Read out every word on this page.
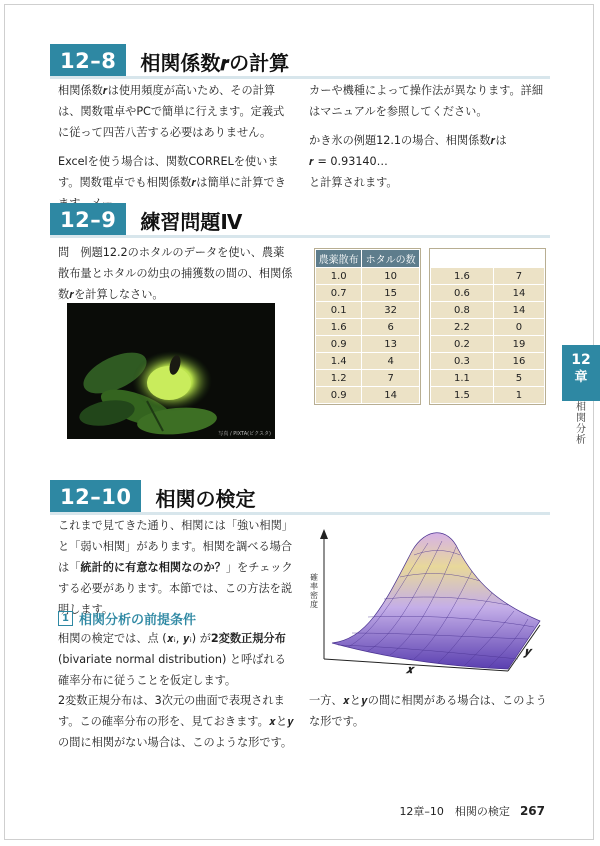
12–8	相関係数𝒓の計算

相関係数𝒓は使用頻度が高いため、その計算は、関数電卓やPCで簡単に行えます。定義式に従って四苦八苦する必要はありません。

Excelを使う場合は、関数CORRELを使います。関数電卓でも相関係数𝒓は簡単に計算でき

カーや機種によって操作法が異なります。詳細はマニュアルを参照してください。

かき氷の例題12.1の場合、相関係数𝒓は
𝒓 = 0.93140…
と計算されます。
12–9	練習問題Ⅳ
問　例題12.2のホタルのデータを使い、農薬散布量とホタルの幼虫の捕獲数の間の、相関係数𝒓を計算しなさい。
写真 / PIXTA(ピクスタ)
農薬散布	ホタルの数
1.0	10
0.7	15
0.1	32
1.6	6
0.9	13
1.4	4
1.2	7
0.9	14

1.6	7
0.6	14
0.8	14
2.2	0
0.2	19
0.3	16
1.1	5
1.5	1
12
章
相関分析
12–10	相関の検定
これまで見てきた通り、相関には「強い相関」と「弱い相関」があります。相関を調べる場合は「統計的に有意な相関なのか？」をチェックする必要があります。本節では、この方法を説明します。
1 相関分析の前提条件
相関の検定では、点 (𝒙ᵢ, 𝒚ᵢ) が2変数正規分布(bivariate normal distribution) と呼ばれる確率分布に従うことを仮定します。
2変数正規分布は、3次元の曲面で表現されます。この確率分布の形を、見ておきます。𝒙と𝒚の間に相関がない場合は、このような形です。
確率密度
𝒙
𝒚
一方、𝒙と𝒚の間に相関がある場合は、このような形です。
12章–10　相関の検定 267
